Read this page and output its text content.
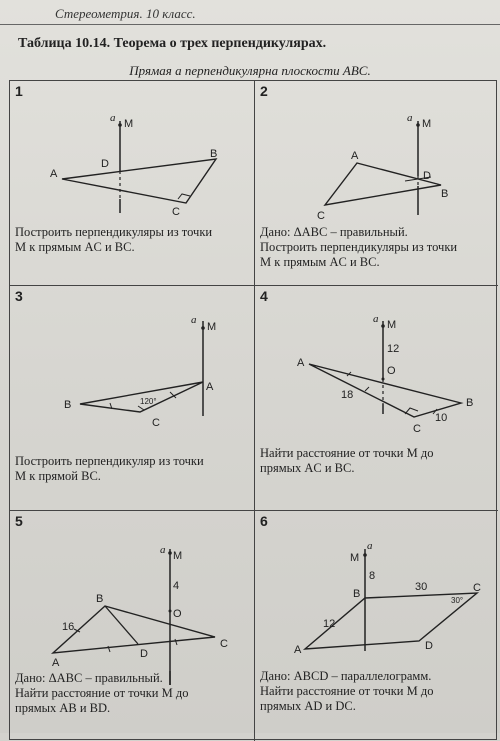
Стереометрия. 10 класс.
Таблица 10.14. Теорема о трех перпендикулярах.
Прямая a перпендикулярна плоскости ABC.
1
a M
A
B
C
D
Построить перпендикуляры из точки
M к прямым AC и BC.
2
a M
A
B
C
D
Дано: ΔABC – правильный.
Построить перпендикуляры из точки
M к прямым AC и BC.
3
a
M
A
B
C
120°
Построить перпендикуляр из точки
M к прямой BC.
4
a M
A
B
C
O
12
18
10
Найти расстояние от точки M до
прямых AC и BC.
5
a M
A
B
C
D
O
4
16
Дано: ΔABC – правильный.
Найти расстояние от точки M до
прямых AB и BD.
6
a
M
A
B	C
D
8
30
12
30°
Дано: ABCD – параллелограмм.
Найти расстояние от точки M до
прямых AD и DC.
